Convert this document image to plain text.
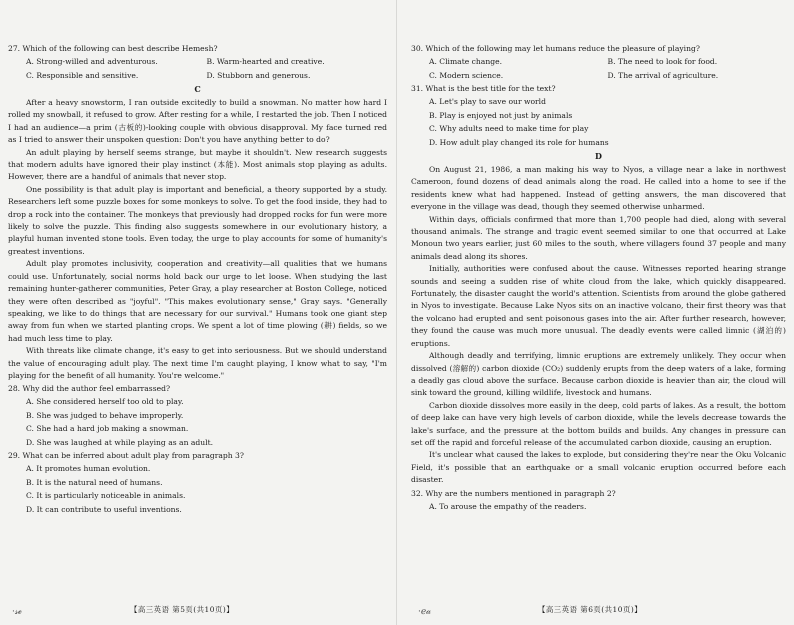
27. Which of the following can best describe Hemesh?
A. Strong-willed and adventurous.	B. Warm-hearted and creative.
C. Responsible and sensitive.	D. Stubborn and generous.
C

After a heavy snowstorm, I ran outside excitedly to build a snowman. No matter how hard I rolled my snowball, it refused to grow. After resting for a while, I restarted the job. Then I noticed I had an audience—a prim (古板的)-looking couple with obvious disapproval. My face turned red as I tried to answer their unspoken question: Don't you have anything better to do?

An adult playing by herself seems strange, but maybe it shouldn't. New research suggests that modern adults have ignored their play instinct (本能). Most animals stop playing as adults. However, there are a handful of animals that never stop.

One possibility is that adult play is important and beneficial, a theory supported by a study. Researchers left some puzzle boxes for some monkeys to solve. To get the food inside, they had to drop a rock into the container. The monkeys that previously had dropped rocks for fun were more likely to solve the puzzle. This finding also suggests somewhere in our evolutionary history, a playful human invented stone tools. Even today, the urge to play accounts for some of humanity's greatest inventions.

Adult play promotes inclusivity, cooperation and creativity—all qualities that we humans could use. Unfortunately, social norms hold back our urge to let loose. When studying the last remaining hunter-gatherer communities, Peter Gray, a play researcher at Boston College, noticed they were often described as "joyful". "This makes evolutionary sense," Gray says. "Generally speaking, we like to do things that are necessary for our survival." Humans took one giant step away from fun when we started planting crops. We spent a lot of time plowing (耕) fields, so we had much less time to play.

With threats like climate change, it's easy to get into seriousness. But we should understand the value of encouraging adult play. The next time I'm caught playing, I know what to say, "I'm playing for the benefit of all humanity. You're welcome."

28. Why did the author feel embarrassed?
A. She considered herself too old to play.
B. She was judged to behave improperly.
C. She had a hard job making a snowman.
D. She was laughed at while playing as an adult.
29. What can be inferred about adult play from paragraph 3?
A. It promotes human evolution.
B. It is the natural need of humans.
C. It is particularly noticeable in animals.
D. It can contribute to useful inventions.
·𝓈ℯ	【高三英语 第5页(共10页)】
30. Which of the following may let humans reduce the pleasure of playing?
A. Climate change.	B. The need to look for food.
C. Modern science.	D. The arrival of agriculture.
31. What is the best title for the text?
A. Let's play to save our world
B. Play is enjoyed not just by animals
C. Why adults need to make time for play
D. How adult play changed its role for humans
D

On August 21, 1986, a man making his way to Nyos, a village near a lake in northwest Cameroon, found dozens of dead animals along the road. He called into a home to see if the residents knew what had happened. Instead of getting answers, the man discovered that everyone in the village was dead, though they seemed otherwise unharmed.

Within days, officials confirmed that more than 1,700 people had died, along with several thousand animals. The strange and tragic event seemed similar to one that occurred at Lake Monoun two years earlier, just 60 miles to the south, where villagers found 37 people and many animals dead along its shores.

Initially, authorities were confused about the cause. Witnesses reported hearing strange sounds and seeing a sudden rise of white cloud from the lake, which quickly disappeared. Fortunately, the disaster caught the world's attention. Scientists from around the globe gathered in Nyos to investigate. Because Lake Nyos sits on an inactive volcano, their first theory was that the volcano had erupted and sent poisonous gases into the air. After further research, however, they found the cause was much more unusual. The deadly events were called limnic (湖泊的) eruptions.

Although deadly and terrifying, limnic eruptions are extremely unlikely. They occur when dissolved (溶解的) carbon dioxide (CO₂) suddenly erupts from the deep waters of a lake, forming a deadly gas cloud above the surface. Because carbon dioxide is heavier than air, the cloud will sink toward the ground, killing wildlife, livestock and humans.

Carbon dioxide dissolves more easily in the deep, cold parts of lakes. As a result, the bottom of deep lake can have very high levels of carbon dioxide, while the levels decrease towards the lake's surface, and the pressure at the bottom builds and builds. Any changes in pressure can set off the rapid and forceful release of the accumulated carbon dioxide, causing an eruption.

It's unclear what caused the lakes to explode, but considering they're near the Oku Volcanic Field, it's possible that an earthquake or a small volcanic eruption occurred before each disaster.

32. Why are the numbers mentioned in paragraph 2?
A. To arouse the empathy of the readers.
·ℯ𝒶	【高三英语 第6页(共10页)】
